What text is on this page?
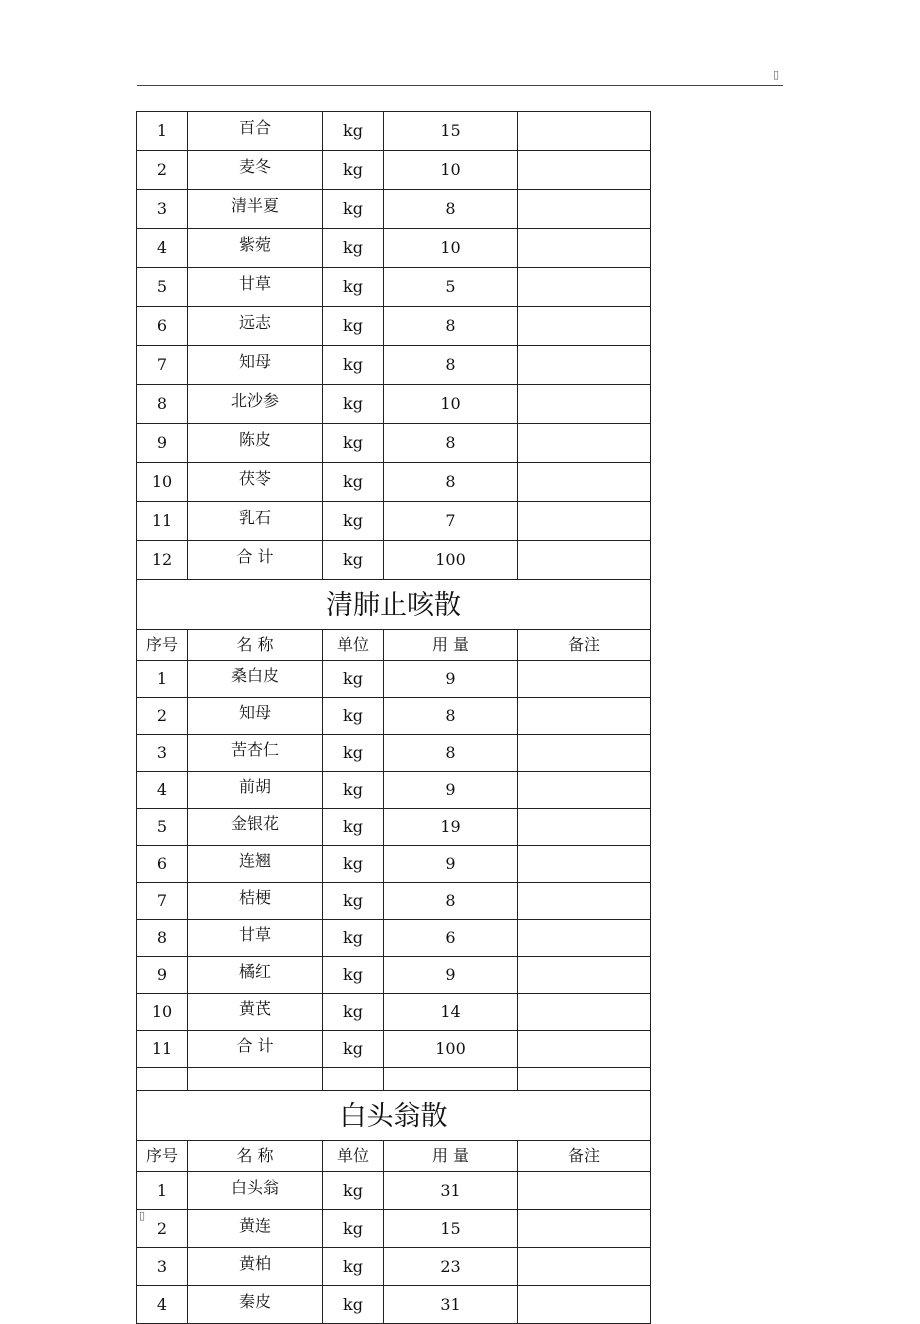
▯
1	百合	kg	15	
2	麦冬	kg	10	
3	清半夏	kg	8	
4	紫菀	kg	10	
5	甘草	kg	5	
6	远志	kg	8	
7	知母	kg	8	
8	北沙参	kg	10	
9	陈皮	kg	8	
10	茯苓	kg	8	
11	乳石	kg	7	
12	合 计	kg	100	
清肺止咳散				
序号	名 称	单位	用 量	备注
1	桑白皮	kg	9	
2	知母	kg	8	
3	苦杏仁	kg	8	
4	前胡	kg	9	
5	金银花	kg	19	
6	连翘	kg	9	
7	桔梗	kg	8	
8	甘草	kg	6	
9	橘红	kg	9	
10	黄芪	kg	14	
11	合 计	kg	100	

白头翁散				
序号	名 称	单位	用 量	备注
1	白头翁	kg	31	
2	黄连	kg	15	
3	黄柏	kg	23	
4	秦皮	kg	31	
▯
